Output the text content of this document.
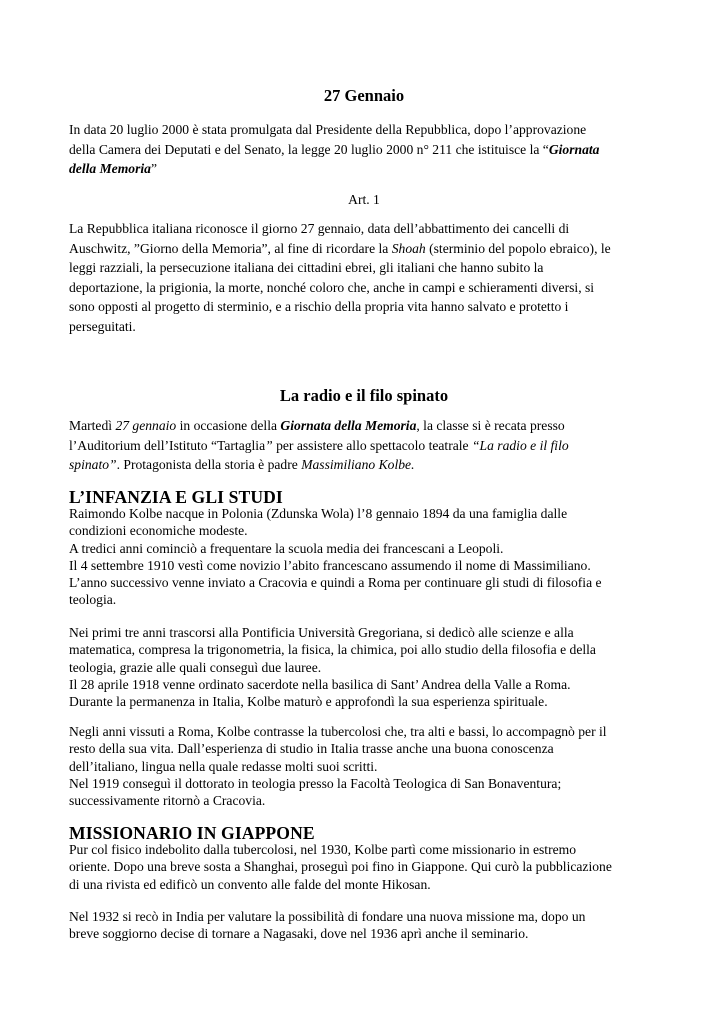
27 Gennaio

In data 20 luglio 2000 è stata promulgata dal Presidente della Repubblica, dopo l’approvazione
della Camera dei Deputati e del Senato, la legge 20 luglio 2000 n° 211 che istituisce la “Giornata
della Memoria”

Art. 1

La Repubblica italiana riconosce il giorno 27 gennaio, data dell’abbattimento dei cancelli di
Auschwitz, ”Giorno della Memoria”, al fine di ricordare la Shoah (sterminio del popolo ebraico), le
leggi razziali, la persecuzione italiana dei cittadini ebrei, gli italiani che hanno subito la
deportazione, la prigionia, la morte, nonché coloro che, anche in campi e schieramenti diversi, si
sono opposti al progetto di sterminio, e a rischio della propria vita hanno salvato e protetto i
perseguitati.

La radio e il filo spinato

Martedì 27 gennaio in occasione della Giornata della Memoria, la classe si è recata presso
l’Auditorium dell’Istituto “Tartaglia” per assistere allo spettacolo teatrale “La radio e il filo
spinato”. Protagonista della storia è padre Massimiliano Kolbe.

L’INFANZIA E GLI STUDI

Raimondo Kolbe nacque in Polonia (Zdunska Wola) l’8 gennaio 1894 da una famiglia dalle
condizioni economiche modeste.
A tredici anni cominciò a frequentare la scuola media dei francescani a Leopoli.
Il 4 settembre 1910 vestì come novizio l’abito francescano assumendo il nome di Massimiliano.
L’anno successivo venne inviato a Cracovia e quindi a Roma per continuare gli studi di filosofia e
teologia.

Nei primi tre anni trascorsi alla Pontificia Università Gregoriana, si dedicò alle scienze e alla
matematica, compresa la trigonometria, la fisica, la chimica, poi allo studio della filosofia e della
teologia, grazie alle quali conseguì due lauree.
Il 28 aprile 1918 venne ordinato sacerdote nella basilica di Sant’ Andrea della Valle a Roma.
Durante la permanenza in Italia, Kolbe maturò e approfondì la sua esperienza spirituale.

Negli anni vissuti a Roma, Kolbe contrasse la tubercolosi che, tra alti e bassi, lo accompagnò per il
resto della sua vita. Dall’esperienza di studio in Italia trasse anche una buona conoscenza
dell’italiano, lingua nella quale redasse molti suoi scritti.
Nel 1919 conseguì il dottorato in teologia presso la Facoltà Teologica di San Bonaventura;
successivamente ritornò a Cracovia.

MISSIONARIO IN GIAPPONE

Pur col fisico indebolito dalla tubercolosi, nel 1930, Kolbe partì come missionario in estremo
oriente. Dopo una breve sosta a Shanghai, proseguì poi fino in Giappone. Qui curò la pubblicazione
di una rivista ed edificò un convento alle falde del monte Hikosan.

Nel 1932 si recò in India per valutare la possibilità di fondare una nuova missione ma, dopo un
breve soggiorno decise di tornare a Nagasaki, dove nel 1936 aprì anche il seminario.
